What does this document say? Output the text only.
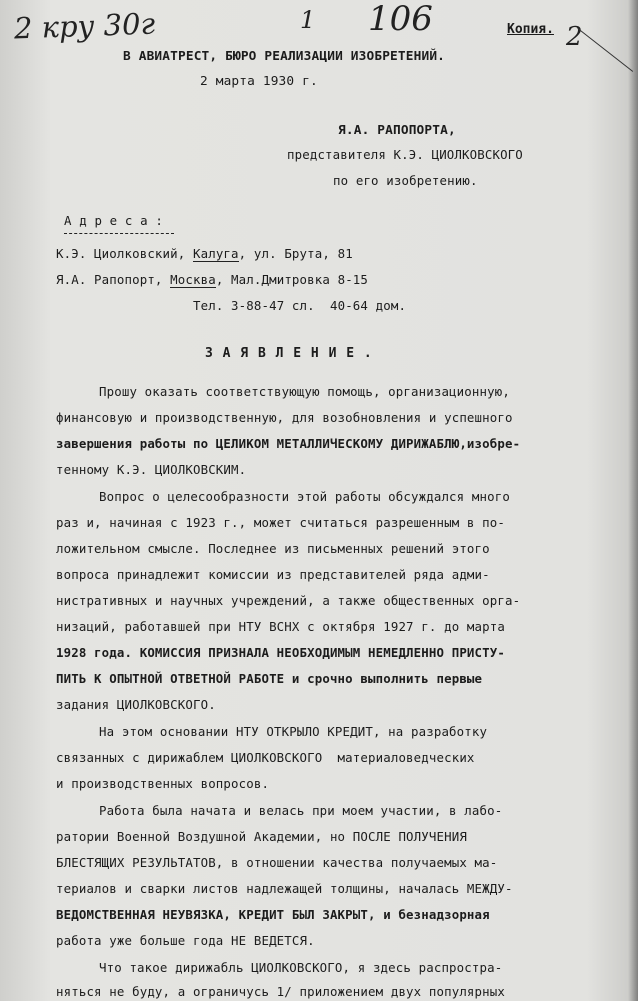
2 кру 30г	1 106	Копия. 2
В АВИАТРЕСТ, БЮРО РЕАЛИЗАЦИИ ИЗОБРЕТЕНИЙ.
2 марта 1930 г.
Я.А. РАПОПОРТА,
представителя К.Э. ЦИОЛКОВСКОГО
по его изобретению.
А д р е с а :
К.Э. Циолковский, Калуга, ул. Брута, 81
Я.А. Рапопорт, Москва, Мал.Дмитровка 8-15
Тел. 3-88-47 сл.  40-64 дом.
З А Я В Л Е Н И Е .
Прошу оказать соответствующую помощь, организационную,
финансовую и производственную, для возобновления и успешного
завершения работы по ЦЕЛИКОМ МЕТАЛЛИЧЕСКОМУ ДИРИЖАБЛЮ,изобре-
тенному К.Э. ЦИОЛКОВСКИМ.
Вопрос о целесообразности этой работы обсуждался много
раз и, начиная с 1923 г., может считаться разрешенным в по-
ложительном смысле. Последнее из письменных решений этого
вопроса принадлежит комиссии из представителей ряда адми-
нистративных и научных учреждений, а также общественных орга-
низаций, работавшей при НТУ ВСНХ с октября 1927 г. до марта
1928 года. КОМИССИЯ ПРИЗНАЛА НЕОБХОДИМЫМ НЕМЕДЛЕННО ПРИСТУ-
ПИТЬ К ОПЫТНОЙ ОТВЕТНОЙ РАБОТЕ и срочно выполнить первые
задания ЦИОЛКОВСКОГО.
На этом основании НТУ ОТКРЫЛО КРЕДИТ, на разработку
связанных с дирижаблем ЦИОЛКОВСКОГО  материаловедческих
и производственных вопросов.
Работа была начата и велась при моем участии, в лабо-
ратории Военной Воздушной Академии, но ПОСЛЕ ПОЛУЧЕНИЯ
БЛЕСТЯЩИХ РЕЗУЛЬТАТОВ, в отношении качества получаемых ма-
териалов и сварки листов надлежащей толщины, началась МЕЖДУ-
ВЕДОМСТВЕННАЯ НЕУВЯЗКА, КРЕДИТ БЫЛ ЗАКРЫТ, и безнадзорная
работа уже больше года НЕ ВЕДЕТСЯ.
Что такое дирижабль ЦИОЛКОВСКОГО, я здесь распростра-
няться не буду, а ограничусь 1/ приложением двух популярных
